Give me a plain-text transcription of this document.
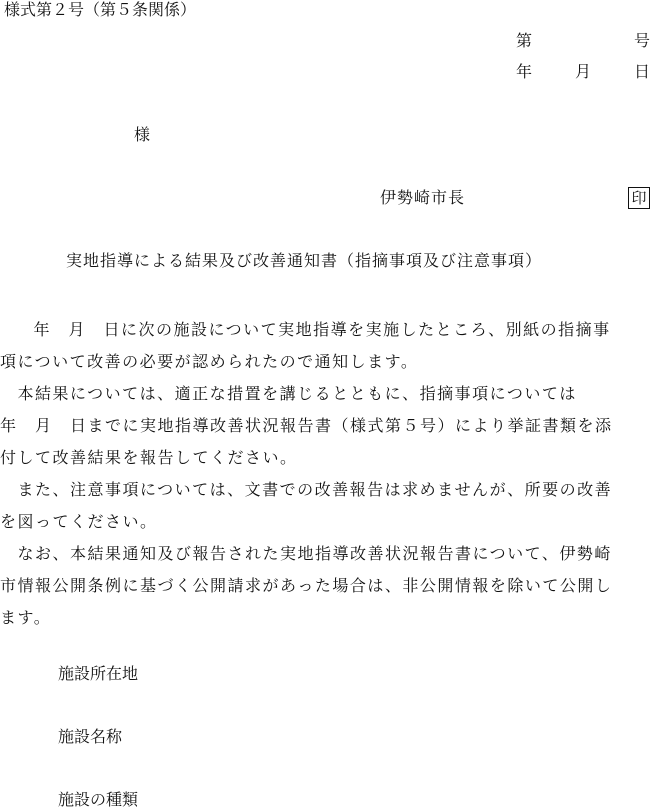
様式第２号（第５条関係）
第	号
年	月	日
様
伊勢崎市長	印
実地指導による結果及び改善通知書（指摘事項及び注意事項）

　年　月　日に次の施設について実地指導を実施したところ、別紙の指摘事

項について改善の必要が認められたので通知します。

　本結果については、適正な措置を講じるとともに、指摘事項については

年　月　日までに実地指導改善状況報告書（様式第５号）により挙証書類を添

付して改善結果を報告してください。

　また、注意事項については、文書での改善報告は求めませんが、所要の改善

を図ってください。

　なお、本結果通知及び報告された実地指導改善状況報告書について、伊勢崎

市情報公開条例に基づく公開請求があった場合は、非公開情報を除いて公開し

ます。

施設所在地
施設名称
施設の種類
